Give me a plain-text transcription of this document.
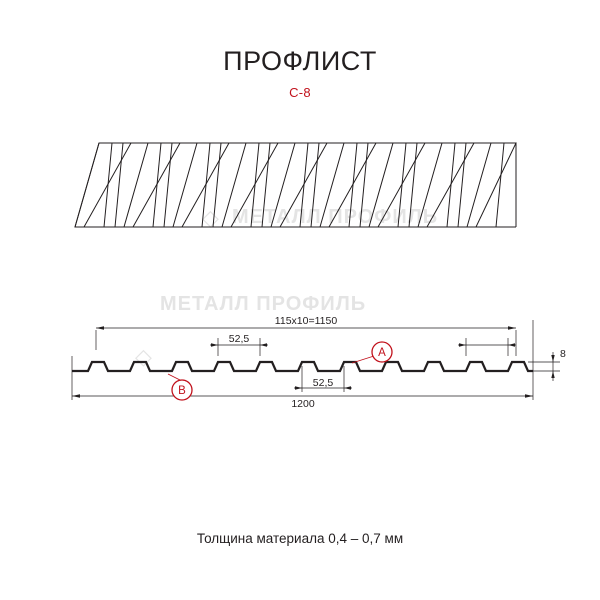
ПРОФЛИСТ
С-8
◇ МЕТАЛЛ ПРОФИЛЬ
◇
МЕТАЛЛ ПРОФИЛЬ
115х10=1150
52,5
52,5
1200
8
A
B
Толщина материала 0,4 – 0,7 мм
